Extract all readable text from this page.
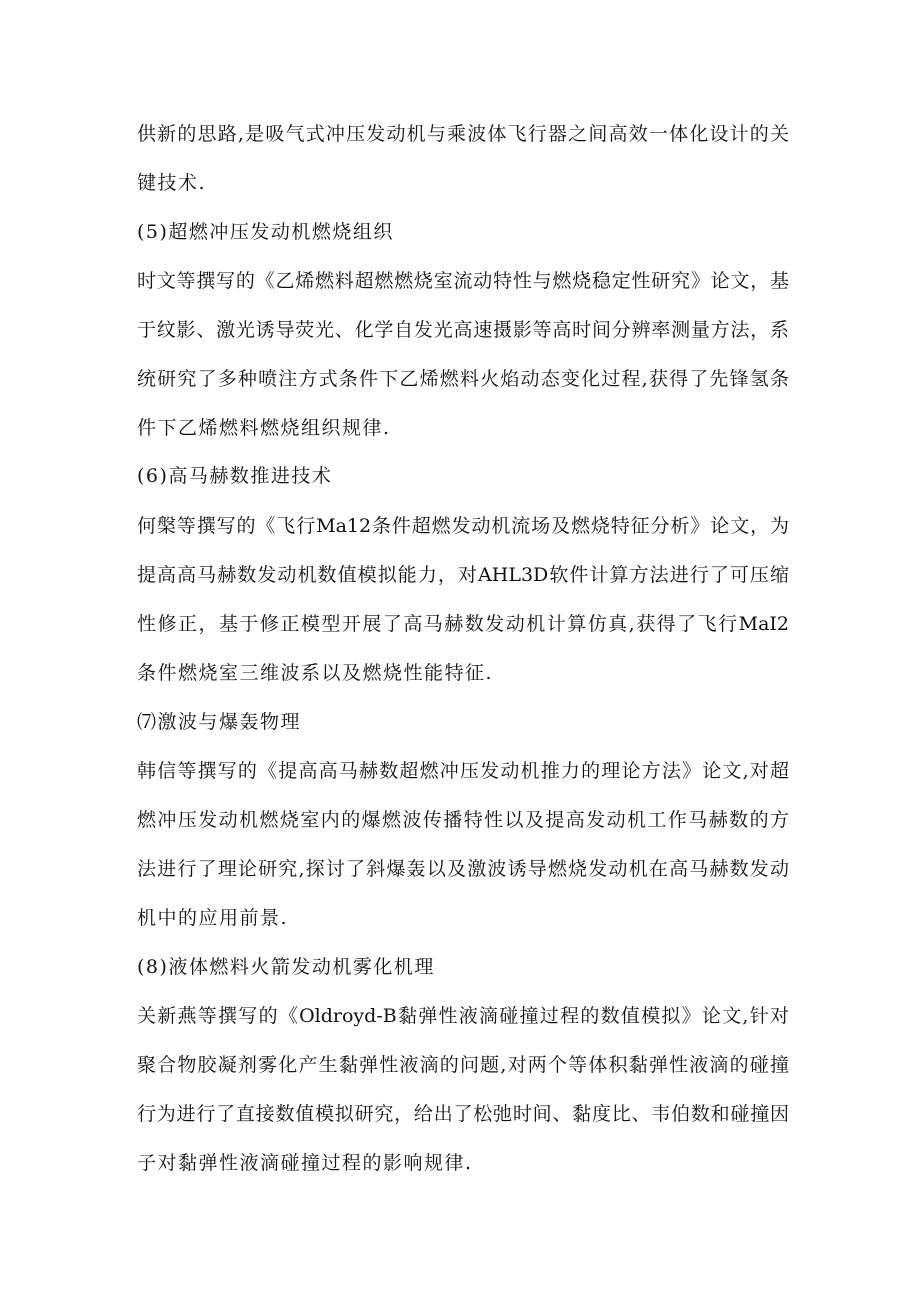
供新的思路,是吸气式冲压发动机与乘波体飞行器之间高效一体化设计的关
键技术.
(5)超燃冲压发动机燃烧组织
时文等撰写的《乙烯燃料超燃燃烧室流动特性与燃烧稳定性研究》论文，基
于纹影、激光诱导荧光、化学自发光高速摄影等高时间分辨率测量方法，系
统研究了多种喷注方式条件下乙烯燃料火焰动态变化过程,获得了先锋氢条
件下乙烯燃料燃烧组织规律.
(6)高马赫数推进技术
何槃等撰写的《飞行Ma12条件超燃发动机流场及燃烧特征分析》论文，为
提高高马赫数发动机数值模拟能力，对AHL3D软件计算方法进行了可压缩
性修正，基于修正模型开展了高马赫数发动机计算仿真,获得了飞行MaI2
条件燃烧室三维波系以及燃烧性能特征.
⑺激波与爆轰物理
韩信等撰写的《提高高马赫数超燃冲压发动机推力的理论方法》论文,对超
燃冲压发动机燃烧室内的爆燃波传播特性以及提高发动机工作马赫数的方
法进行了理论研究,探讨了斜爆轰以及激波诱导燃烧发动机在高马赫数发动
机中的应用前景.
(8)液体燃料火箭发动机雾化机理
关新燕等撰写的《Oldroyd-B黏弹性液滴碰撞过程的数值模拟》论文,针对
聚合物胶凝剂雾化产生黏弹性液滴的问题,对两个等体积黏弹性液滴的碰撞
行为进行了直接数值模拟研究，给出了松弛时间、黏度比、韦伯数和碰撞因
子对黏弹性液滴碰撞过程的影响规律.
